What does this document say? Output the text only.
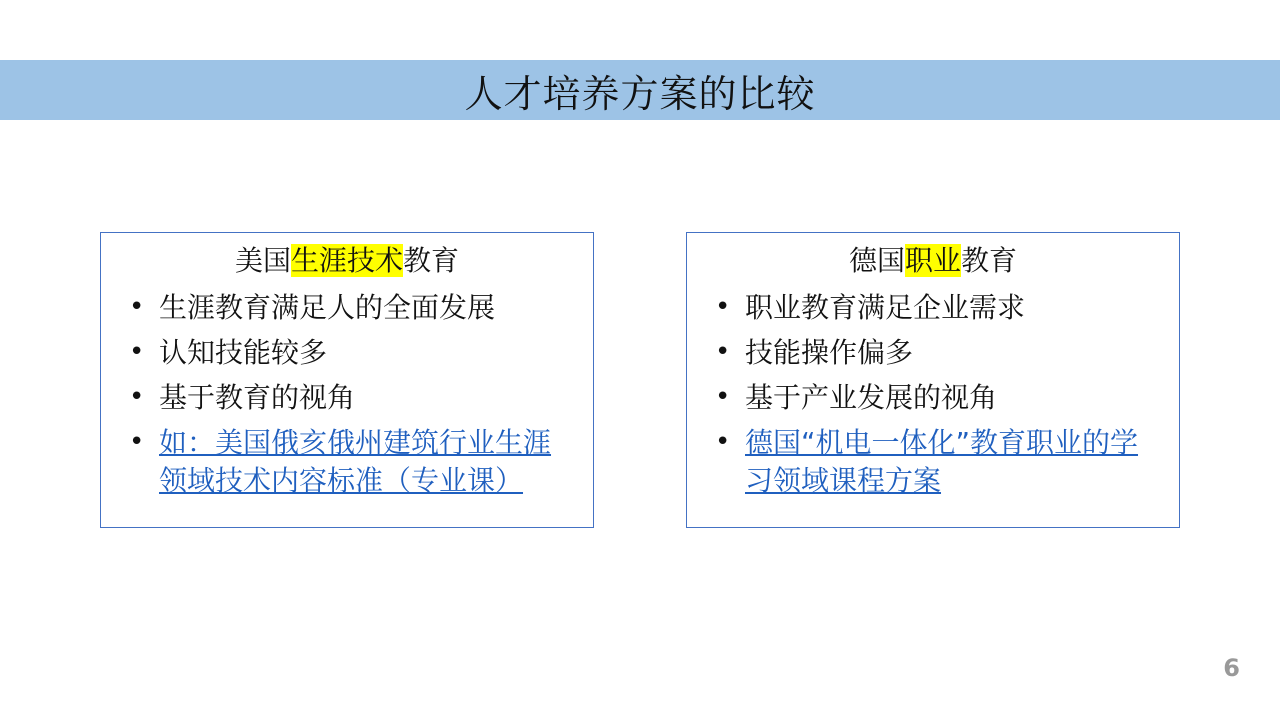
人才培养方案的比较
美国生涯技术教育
• 生涯教育满足人的全面发展
• 认知技能较多
• 基于教育的视角
• 如：美国俄亥俄州建筑行业生涯领域技术内容标准（专业课）
德国职业教育
• 职业教育满足企业需求
• 技能操作偏多
• 基于产业发展的视角
• 德国“机电一体化”教育职业的学习领域课程方案
6
